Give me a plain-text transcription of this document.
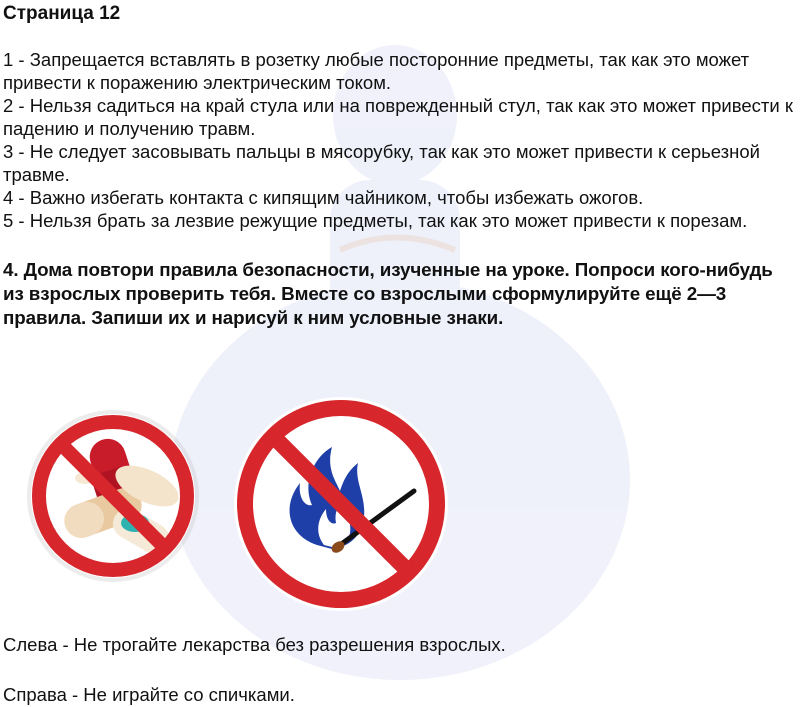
Страница 12

1 - Запрещается вставлять в розетку любые посторонние предметы, так как это может привести к поражению электрическим током.

2 - Нельзя садиться на край стула или на поврежденный стул, так как это может привести к падению и получению травм.

3 - Не следует засовывать пальцы в мясорубку, так как это может привести к серьезной травме.

4 - Важно избегать контакта с кипящим чайником, чтобы избежать ожогов.

5 - Нельзя брать за лезвие режущие предметы, так как это может привести к порезам.

4. Дома повтори правила безопасности, изученные на уроке. Попроси кого-нибудь из взрослых проверить тебя. Вместе со взрослыми сформулируйте ещё 2—3 правила. Запиши их и нарисуй к ним условные знаки.

Слева - Не трогайте лекарства без разрешения взрослых.
Справа - Не играйте со спичками.
